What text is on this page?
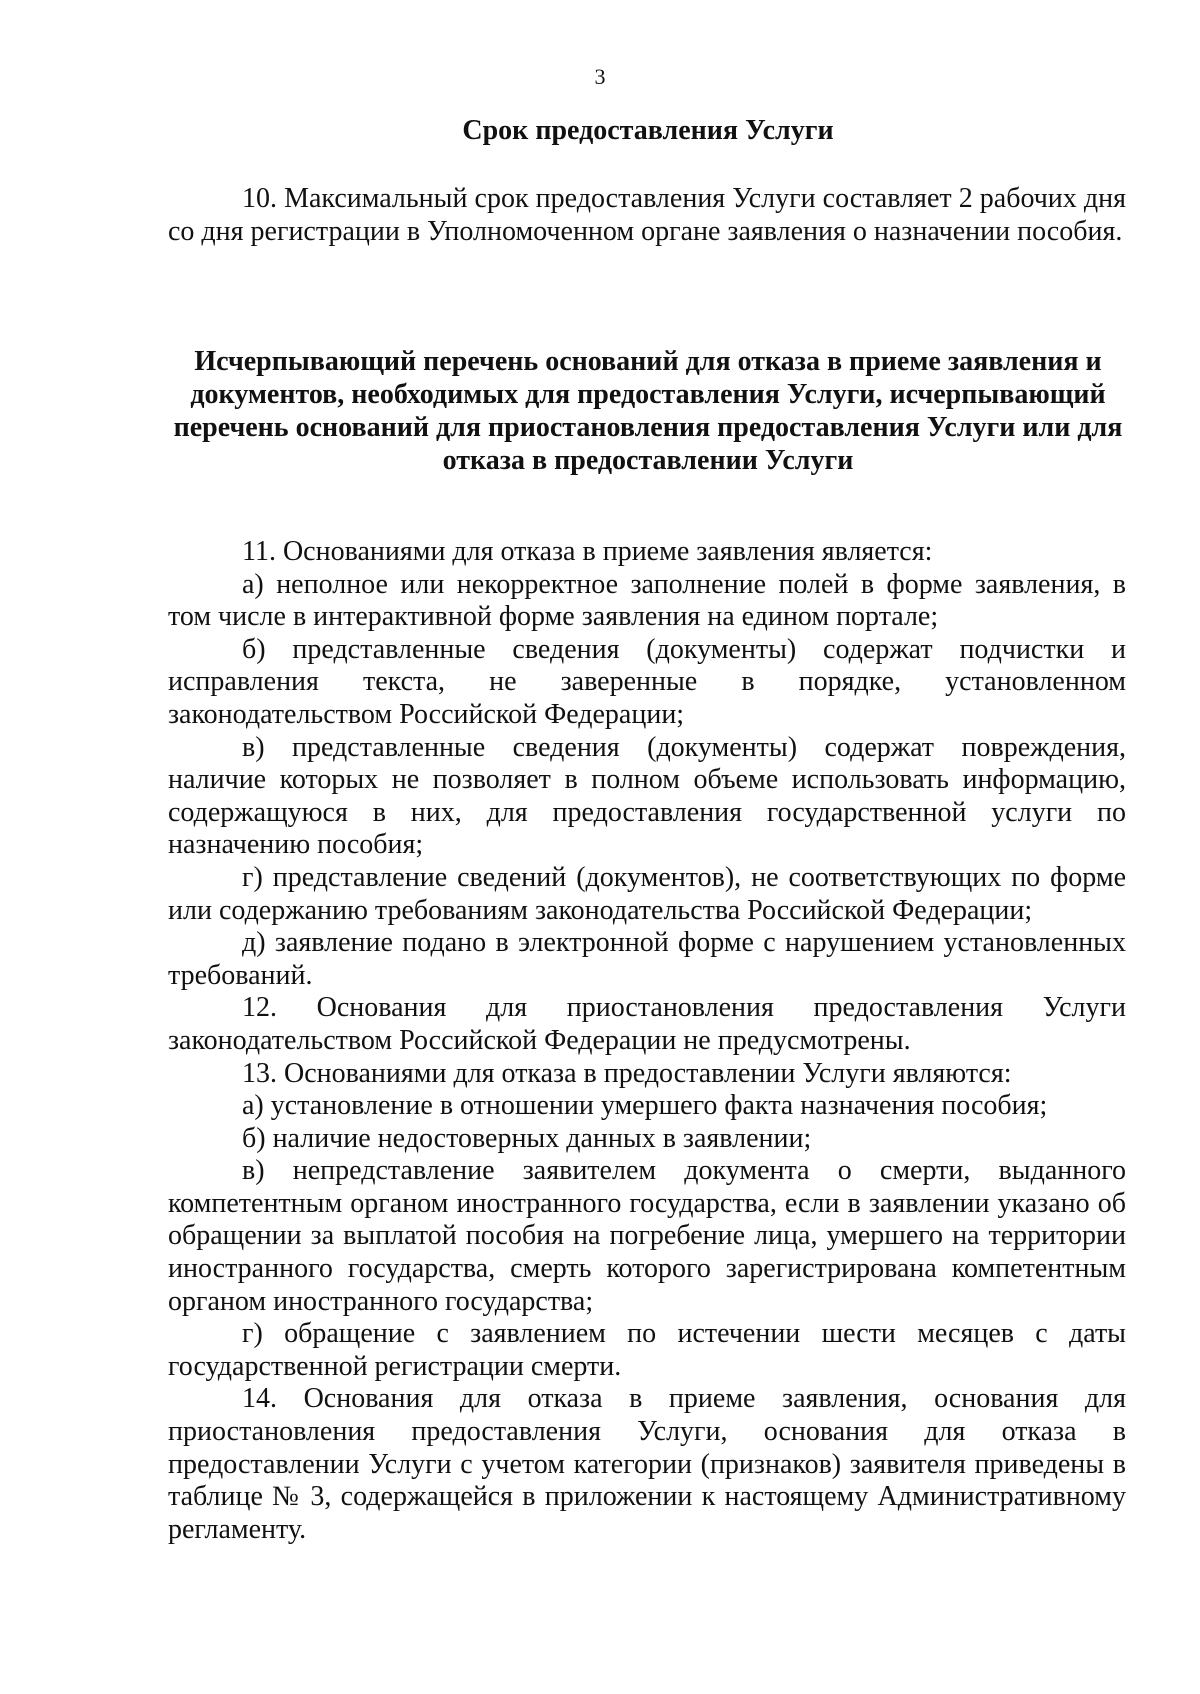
3
Срок предоставления Услуги

10. Максимальный срок предоставления Услуги составляет 2 рабочих дня со дня регистрации в Уполномоченном органе заявления о назначении пособия.

Исчерпывающий перечень оснований для отказа в приеме заявления и документов, необходимых для предоставления Услуги, исчерпывающий перечень оснований для приостановления предоставления Услуги или для отказа в предоставлении Услуги

11. Основаниями для отказа в приеме заявления является:

а) неполное или некорректное заполнение полей в форме заявления, в том числе в интерактивной форме заявления на едином портале;

б) представленные сведения (документы) содержат подчистки и исправления текста, не заверенные в порядке, установленном законодательством Российской Федерации;

в) представленные сведения (документы) содержат повреждения, наличие которых не позволяет в полном объеме использовать информацию, содержащуюся в них, для предоставления государственной услуги по назначению пособия;

г) представление сведений (документов), не соответствующих по форме или содержанию требованиям законодательства Российской Федерации;

д) заявление подано в электронной форме с нарушением установленных требований.

12. Основания для приостановления предоставления Услуги законодательством Российской Федерации не предусмотрены.

13. Основаниями для отказа в предоставлении Услуги являются:

а) установление в отношении умершего факта назначения пособия;

б) наличие недостоверных данных в заявлении;

в) непредставление заявителем документа о смерти, выданного компетентным органом иностранного государства, если в заявлении указано об обращении за выплатой пособия на погребение лица, умершего на территории иностранного государства, смерть которого зарегистрирована компетентным органом иностранного государства;

г) обращение с заявлением по истечении шести месяцев с даты государственной регистрации смерти.

14. Основания для отказа в приеме заявления, основания для приостановления предоставления Услуги, основания для отказа в предоставлении Услуги с учетом категории (признаков) заявителя приведены в таблице № 3, содержащейся в приложении к настоящему Административному регламенту.
